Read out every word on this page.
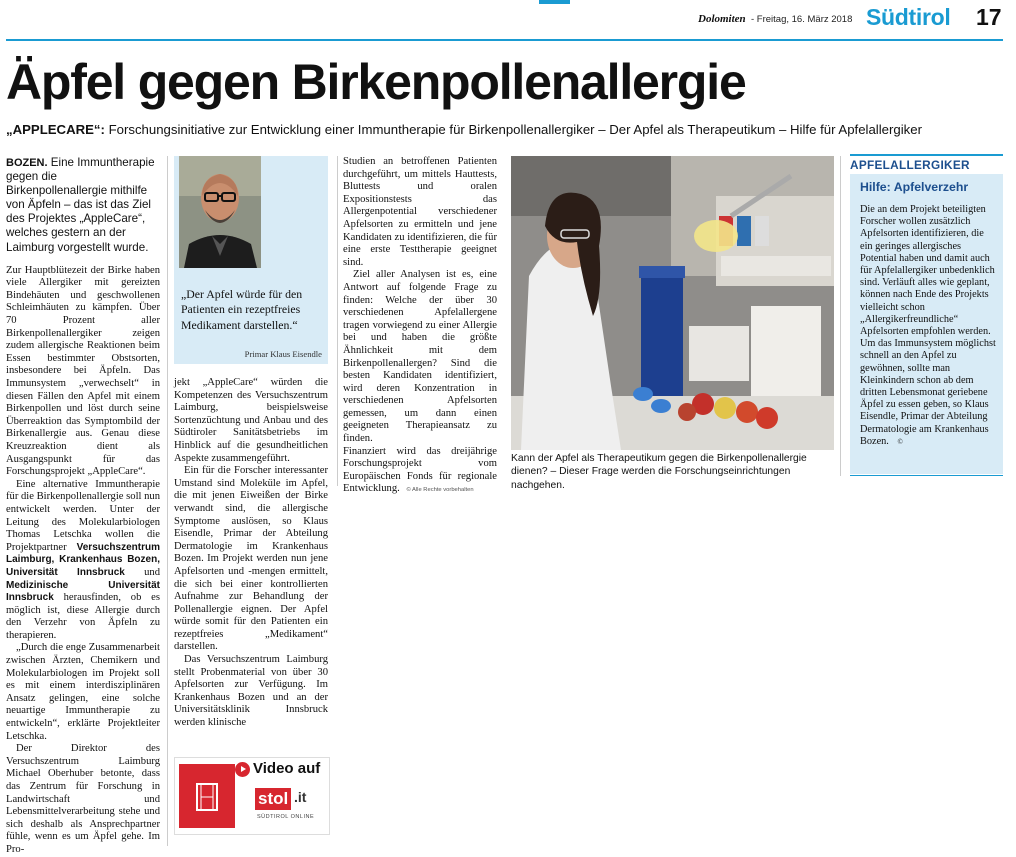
Dolomiten - Freitag, 16. März 2018 Südtirol 17
Äpfel gegen Birkenpollenallergie
„APPLECARE“: Forschungsinitiative zur Entwicklung einer Immuntherapie für Birkenpollenallergiker – Der Apfel als Therapeutikum – Hilfe für Apfelallergiker

BOZEN. Eine Immuntherapie gegen die Birkenpollenallergie mithilfe von Äpfeln – das ist das Ziel des Projektes „AppleCare“, welches gestern an der Laimburg vorgestellt wurde.

Zur Hauptblütezeit der Birke haben viele Allergiker mit gereizten Bindehäuten und geschwollenen Schleimhäuten zu kämpfen. Über 70 Prozent aller Birkenpollenallergiker zeigen zudem allergische Reaktionen beim Essen bestimmter Obstsorten, insbesondere bei Äpfeln. Das Immunsystem „verwechselt“ in diesen Fällen den Apfel mit einem Birkenpollen und löst durch seine Überreaktion das Symptombild der Birkenallergie aus. Genau diese Kreuzreaktion dient als Ausgangspunkt für das Forschungsprojekt „AppleCare“.

Eine alternative Immuntherapie für die Birkenpollenallergie soll nun entwickelt werden. Unter der Leitung des Molekularbiologen Thomas Letschka wollen die Projektpartner Versuchszentrum Laimburg, Krankenhaus Bozen, Universität Innsbruck und Medizinische Universität Innsbruck herausfinden, ob es möglich ist, diese Allergie durch den Verzehr von Äpfeln zu therapieren.

„Durch die enge Zusammenarbeit zwischen Ärzten, Chemikern und Molekularbiologen im Projekt soll es mit einem interdisziplinären Ansatz gelingen, eine solche neuartige Immuntherapie zu entwickeln“, erklärte Projektleiter Letschka.

Der Direktor des Versuchszentrum Laimburg Michael Oberhuber betonte, dass das Zentrum für Forschung in Landwirtschaft und Lebensmittelverarbeitung stehe und sich deshalb als Ansprechpartner fühle, wenn es um Äpfel gehe. Im Pro-

„Der Apfel würde für den Patienten ein rezeptfreies Medikament darstellen.“
Primar Klaus Eisendle

jekt „AppleCare“ würden die Kompetenzen des Versuchszentrum Laimburg, beispielsweise Sortenzüchtung und Anbau und des Südtiroler Sanitätsbetriebs im Hinblick auf die gesundheitlichen Aspekte zusammengeführt.

Ein für die Forscher interessanter Umstand sind Moleküle im Apfel, die mit jenen Eiweißen der Birke verwandt sind, die allergische Symptome auslösen, so Klaus Eisendle, Primar der Abteilung Dermatologie im Krankenhaus Bozen. Im Projekt werden nun jene Apfelsorten und -mengen ermittelt, die sich bei einer kontrollierten Aufnahme zur Behandlung der Pollenallergie eignen. Der Apfel würde somit für den Patienten ein rezeptfreies „Medikament“ darstellen.

Das Versuchszentrum Laimburg stellt Probenmaterial von über 30 Apfelsorten zur Verfügung. Im Krankenhaus Bozen und an der Universitätsklinik Innsbruck werden klinische

Video auf
stol .it
SÜDTIROL ONLINE

Studien an betroffenen Patienten durchgeführt, um mittels Hauttests, Bluttests und oralen Expositionstests das Allergenpotential verschiedener Apfelsorten zu ermitteln und jene Kandidaten zu identifizieren, die für eine erste Testtherapie geeignet sind.

Ziel aller Analysen ist es, eine Antwort auf folgende Frage zu finden: Welche der über 30 verschiedenen Apfelallergene tragen vorwiegend zu einer Allergie bei und haben die größte Ähnlichkeit mit dem Birkenpollenallergen? Sind die besten Kandidaten identifiziert, wird deren Konzentration in verschiedenen Apfelsorten gemessen, um dann einen geeigneten Therapieansatz zu finden.

Finanziert wird das dreijährige Forschungsprojekt vom Europäischen Fonds für regionale Entwicklung. © Alle Rechte vorbehalten
Kann der Apfel als Therapeutikum gegen die Birkenpollenallergie dienen? – Dieser Frage werden die Forschungseinrichtungen nachgehen.
APFELALLERGIKER
Hilfe: Apfelverzehr
Die an dem Projekt beteiligten Forscher wollen zusätzlich Apfelsorten identifizieren, die ein geringes allergisches Potential haben und damit auch für Apfelallergiker unbedenklich sind. Verläuft alles wie geplant, können nach Ende des Projekts vielleicht schon „Allergikerfreundliche“ Apfelsorten empfohlen werden. Um das Immunsystem möglichst schnell an den Apfel zu gewöhnen, sollte man Kleinkindern schon ab dem dritten Lebensmonat geriebene Äpfel zu essen geben, so Klaus Eisendle, Primar der Abteilung Dermatologie am Krankenhaus Bozen. ©
